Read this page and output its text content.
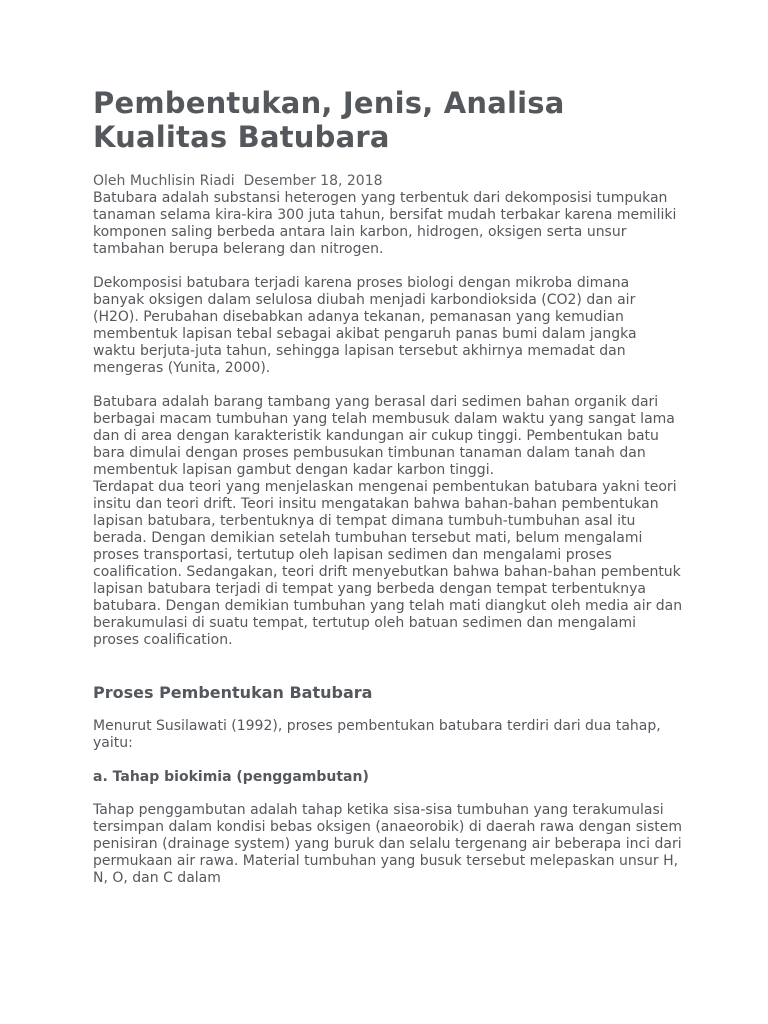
Pembentukan, Jenis, Analisa Kualitas Batubara
Oleh Muchlisin Riadi  Desember 18, 2018

Batubara adalah substansi heterogen yang terbentuk dari dekomposisi tumpukan tanaman selama kira-kira 300 juta tahun, bersifat mudah terbakar karena memiliki komponen saling berbeda antara lain karbon, hidrogen, oksigen serta unsur tambahan berupa belerang dan nitrogen.

Dekomposisi batubara terjadi karena proses biologi dengan mikroba dimana banyak oksigen dalam selulosa diubah menjadi karbondioksida (CO2) dan air (H2O). Perubahan disebabkan adanya tekanan, pemanasan yang kemudian membentuk lapisan tebal sebagai akibat pengaruh panas bumi dalam jangka waktu berjuta-juta tahun, sehingga lapisan tersebut akhirnya memadat dan mengeras (Yunita, 2000).

Batubara adalah barang tambang yang berasal dari sedimen bahan organik dari berbagai macam tumbuhan yang telah membusuk dalam waktu yang sangat lama dan di area dengan karakteristik kandungan air cukup tinggi. Pembentukan batu bara dimulai dengan proses pembusukan timbunan tanaman dalam tanah dan membentuk lapisan gambut dengan kadar karbon tinggi.

Terdapat dua teori yang menjelaskan mengenai pembentukan batubara yakni teori insitu dan teori drift. Teori insitu mengatakan bahwa bahan-bahan pembentukan lapisan batubara, terbentuknya di tempat dimana tumbuh-tumbuhan asal itu berada. Dengan demikian setelah tumbuhan tersebut mati, belum mengalami proses transportasi, tertutup oleh lapisan sedimen dan mengalami proses coalification. Sedangakan, teori drift menyebutkan bahwa bahan-bahan pembentuk lapisan batubara terjadi di tempat yang berbeda dengan tempat terbentuknya batubara. Dengan demikian tumbuhan yang telah mati diangkut oleh media air dan berakumulasi di suatu tempat, tertutup oleh batuan sedimen dan mengalami proses coalification.

Proses Pembentukan Batubara

Menurut Susilawati (1992), proses pembentukan batubara terdiri dari dua tahap, yaitu:

a. Tahap biokimia (penggambutan)

Tahap penggambutan adalah tahap ketika sisa-sisa tumbuhan yang terakumulasi tersimpan dalam kondisi bebas oksigen (anaeorobik) di daerah rawa dengan sistem penisiran (drainage system) yang buruk dan selalu tergenang air beberapa inci dari permukaan air rawa. Material tumbuhan yang busuk tersebut melepaskan unsur H, N, O, dan C dalam
